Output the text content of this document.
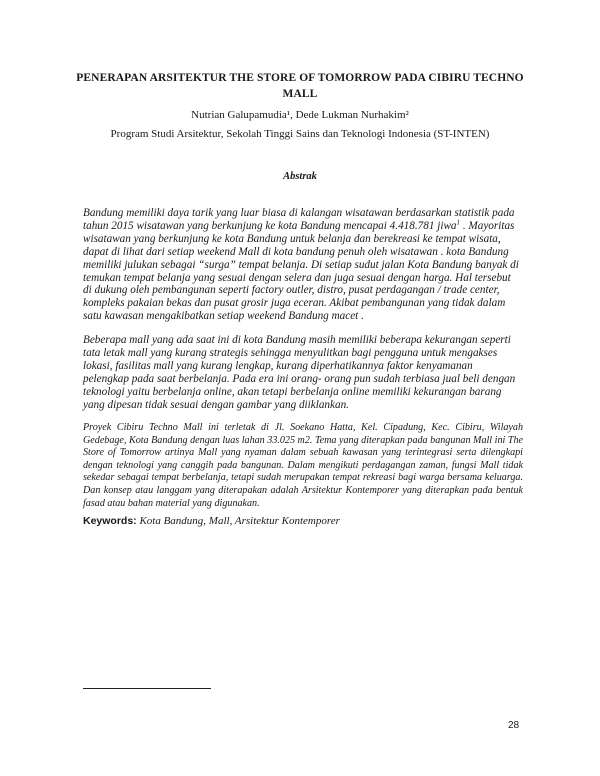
PENERAPAN ARSITEKTUR THE STORE OF TOMORROW PADA CIBIRU TECHNO MALL
Nutrian Galupamudia¹, Dede Lukman Nurhakim²
Program Studi Arsitektur, Sekolah Tinggi Sains dan Teknologi Indonesia (ST-INTEN)
Abstrak
Bandung memiliki daya tarik yang luar biasa di kalangan wisatawan berdasarkan statistik pada tahun 2015 wisatawan yang berkunjung ke kota Bandung mencapai 4.418.781 jiwa$^1$ . Mayoritas wisatawan yang berkunjung ke kota Bandung untuk belanja dan berekreasi ke tempat wisata, dapat di lihat dari setiap weekend Mall di kota bandung penuh oleh wisatawan . kota Bandung memiliki julukan sebagai “surga” tempat belanja. Di setiap sudut jalan Kota Bandung banyak di temukan tempat belanja yang sesuai dengan selera dan juga sesuai dengan harga. Hal tersebut di dukung oleh pembangunan seperti factory outler, distro, pusat perdagangan / trade center, kompleks pakaian bekas dan pusat grosir juga eceran. Akibat pembangunan yang tidak dalam satu kawasan mengakibatkan setiap weekend Bandung macet .
Beberapa mall yang ada saat ini di kota Bandung masih memiliki beberapa kekurangan seperti tata letak mall yang kurang strategis sehingga menyulitkan bagi pengguna untuk mengakses lokasi, fasilitas mall yang kurang lengkap, kurang diperhatikannya faktor kenyamanan pelengkap pada saat berbelanja. Pada era ini orang- orang pun sudah terbiasa jual beli dengan teknologi yaitu berbelanja online, akan tetapi berbelanja online memiliki kekurangan barang yang dipesan tidak sesuai dengan gambar yang diiklankan.
Proyek Cibiru Techno Mall ini terletak di Jl. Soekano Hatta, Kel. Cipadung, Kec. Cibiru, Wilayah Gedebage, Kota Bandung dengan luas lahan 33.025 m2. Tema yang diterapkan pada bangunan Mall ini The Store of Tomorrow artinya Mall yang nyaman dalam sebuah kawasan yang terintegrasi serta dilengkapi dengan teknologi yang canggih pada bangunan. Dalam mengikuti perdagangan zaman, fungsi Mall tidak sekedar sebagai tempat berbelanja, tetapi sudah merupakan tempat rekreasi bagi warga bersama keluarga. Dan konsep atau langgam yang diterapakan adalah Arsitektur Kontemporer yang diterapkan pada bentuk fasad atau bahan material yang digunakan.
Keywords: Kota Bandung, Mall, Arsitektur Kontemporer
28
